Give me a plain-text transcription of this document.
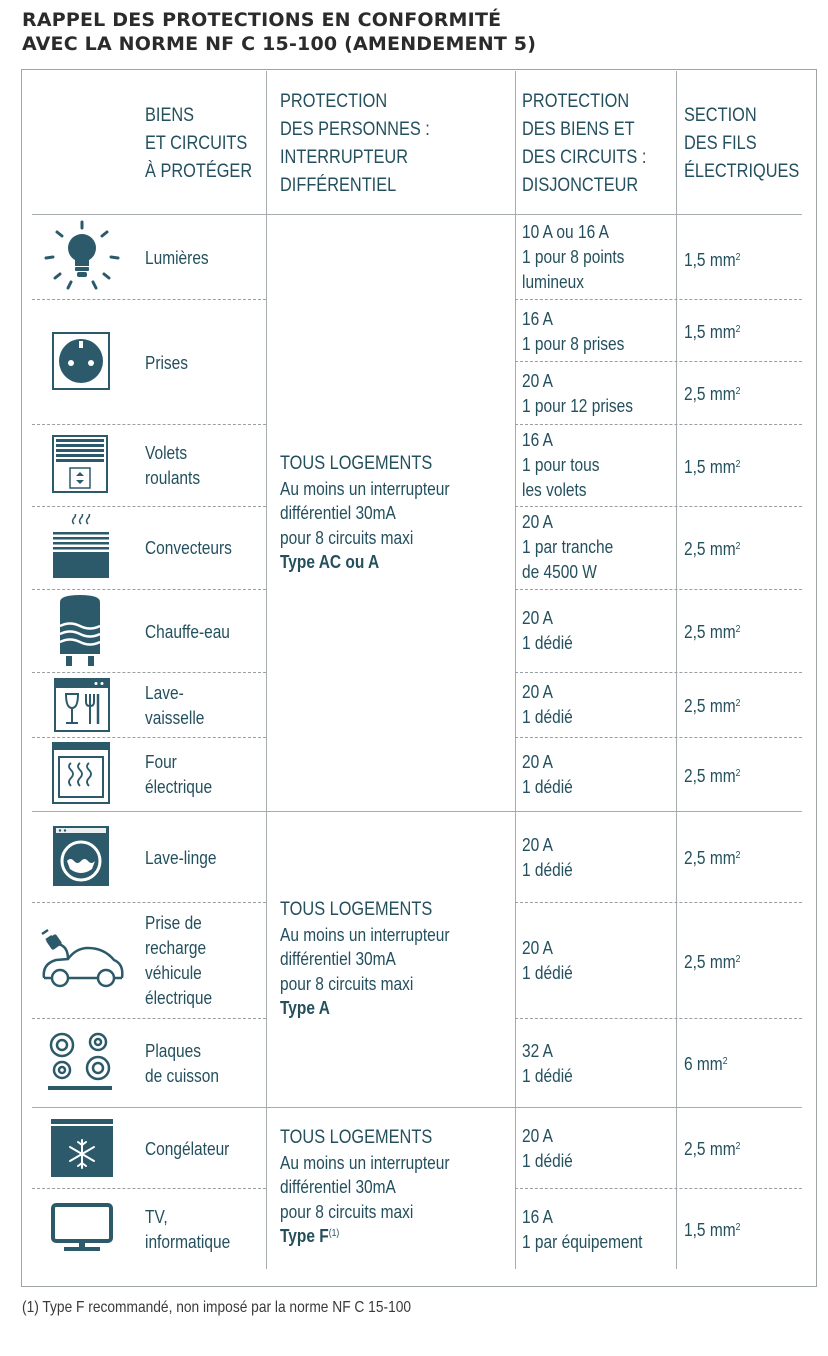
RAPPEL DES PROTECTIONS EN CONFORMITÉ
AVEC LA NORME NF C 15-100 (AMENDEMENT 5)
BIENS
ET CIRCUITS
À PROTÉGER
PROTECTION
DES PERSONNES :
INTERRUPTEUR
DIFFÉRENTIEL
PROTECTION
DES BIENS ET
DES CIRCUITS :
DISJONCTEUR
SECTION
DES FILS
ÉLECTRIQUES
Lumières
Prises
Volets
roulants
Convecteurs
Chauffe-eau
Lave-
vaisselle
Four
électrique
Lave-linge
Prise de
recharge
véhicule
électrique
Plaques
de cuisson
Congélateur
TV,
informatique
TOUS LOGEMENTS
Au moins un interrupteur
différentiel 30mA
pour 8 circuits maxi
Type AC ou A
TOUS LOGEMENTS
Au moins un interrupteur
différentiel 30mA
pour 8 circuits maxi
Type A
TOUS LOGEMENTS
Au moins un interrupteur
différentiel 30mA
pour 8 circuits maxi
Type $F^{(1)}$
10 A ou 16 A
1 pour 8 points
lumineux
16 A
1 pour 8 prises
20 A
1 pour 12 prises
16 A
1 pour tous
les volets
20 A
1 par tranche
de 4500 W
20 A
1 dédié
20 A
1 dédié
20 A
1 dédié
20 A
1 dédié
20 A
1 dédié
32 A
1 dédié
20 A
1 dédié
16 A
1 par équipement
1,5 $mm^2$
1,5 $mm^2$
2,5 $mm^2$
1,5 $mm^2$
2,5 $mm^2$
2,5 $mm^2$
2,5 $mm^2$
2,5 $mm^2$
2,5 $mm^2$
2,5 $mm^2$
6 $mm^2$
2,5 $mm^2$
1,5 $mm^2$
(1) Type F recommandé, non imposé par la norme NF C 15-100
